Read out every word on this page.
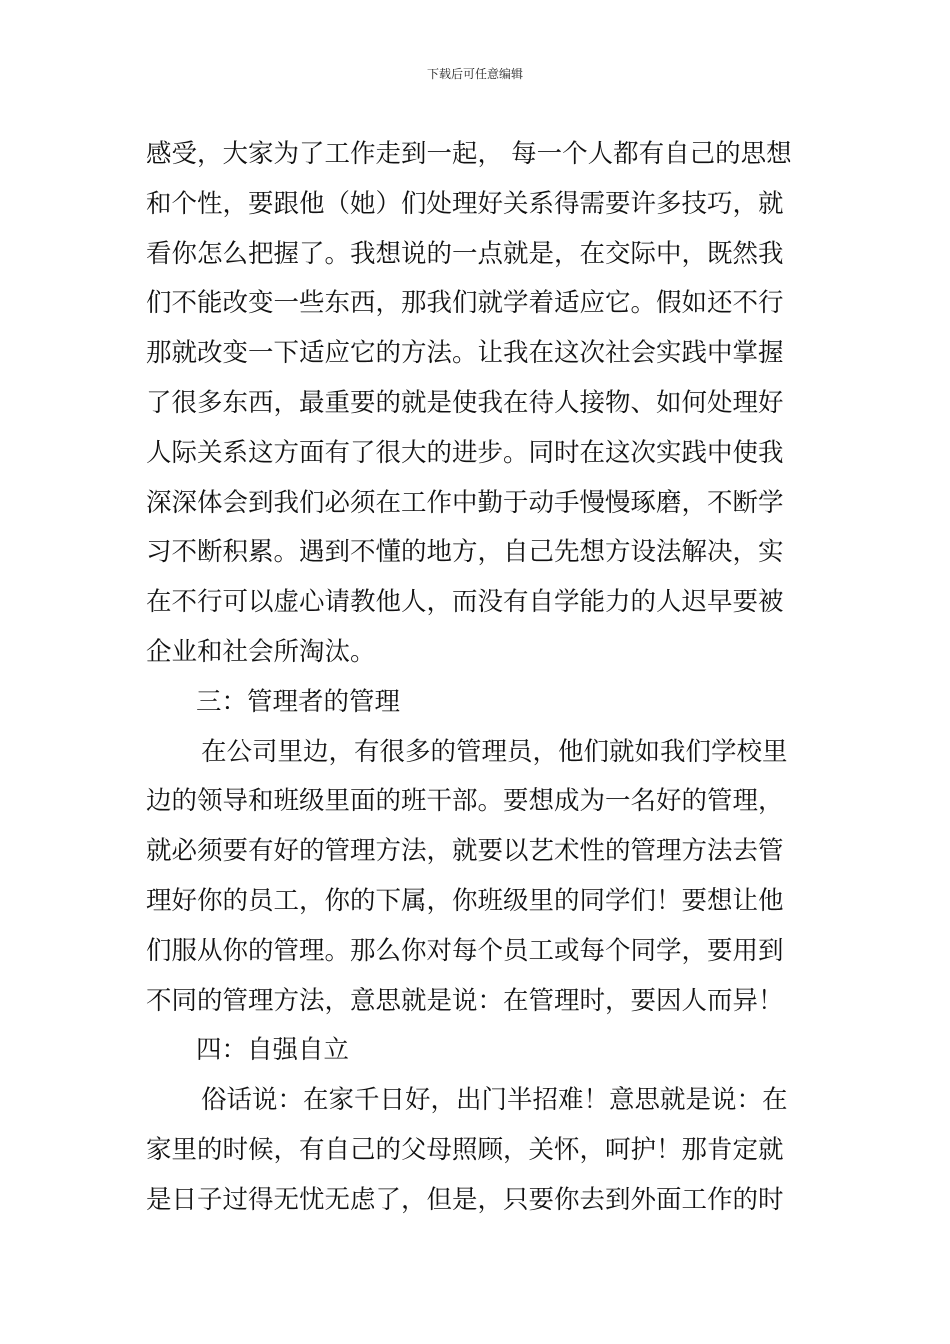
下载后可任意编辑
感受，大家为了工作走到一起， 每一个人都有自己的思想
和个性，要跟他（她）们处理好关系得需要许多技巧，就
看你怎么把握了。我想说的一点就是，在交际中，既然我
们不能改变一些东西，那我们就学着适应它。假如还不行
那就改变一下适应它的方法。让我在这次社会实践中掌握
了很多东西，最重要的就是使我在待人接物、如何处理好
人际关系这方面有了很大的进步。同时在这次实践中使我
深深体会到我们必须在工作中勤于动手慢慢琢磨，不断学
习不断积累。遇到不懂的地方，自己先想方设法解决，实
在不行可以虚心请教他人，而没有自学能力的人迟早要被
企业和社会所淘汰。
三：管理者的管理
在公司里边，有很多的管理员，他们就如我们学校里
边的领导和班级里面的班干部。要想成为一名好的管理，
就必须要有好的管理方法，就要以艺术性的管理方法去管
理好你的员工，你的下属，你班级里的同学们！要想让他
们服从你的管理。那么你对每个员工或每个同学，要用到
不同的管理方法，意思就是说：在管理时，要因人而异！
四：自强自立
俗话说：在家千日好，出门半招难！意思就是说：在
家里的时候，有自己的父母照顾，关怀，呵护！那肯定就
是日子过得无忧无虑了，但是，只要你去到外面工作的时
